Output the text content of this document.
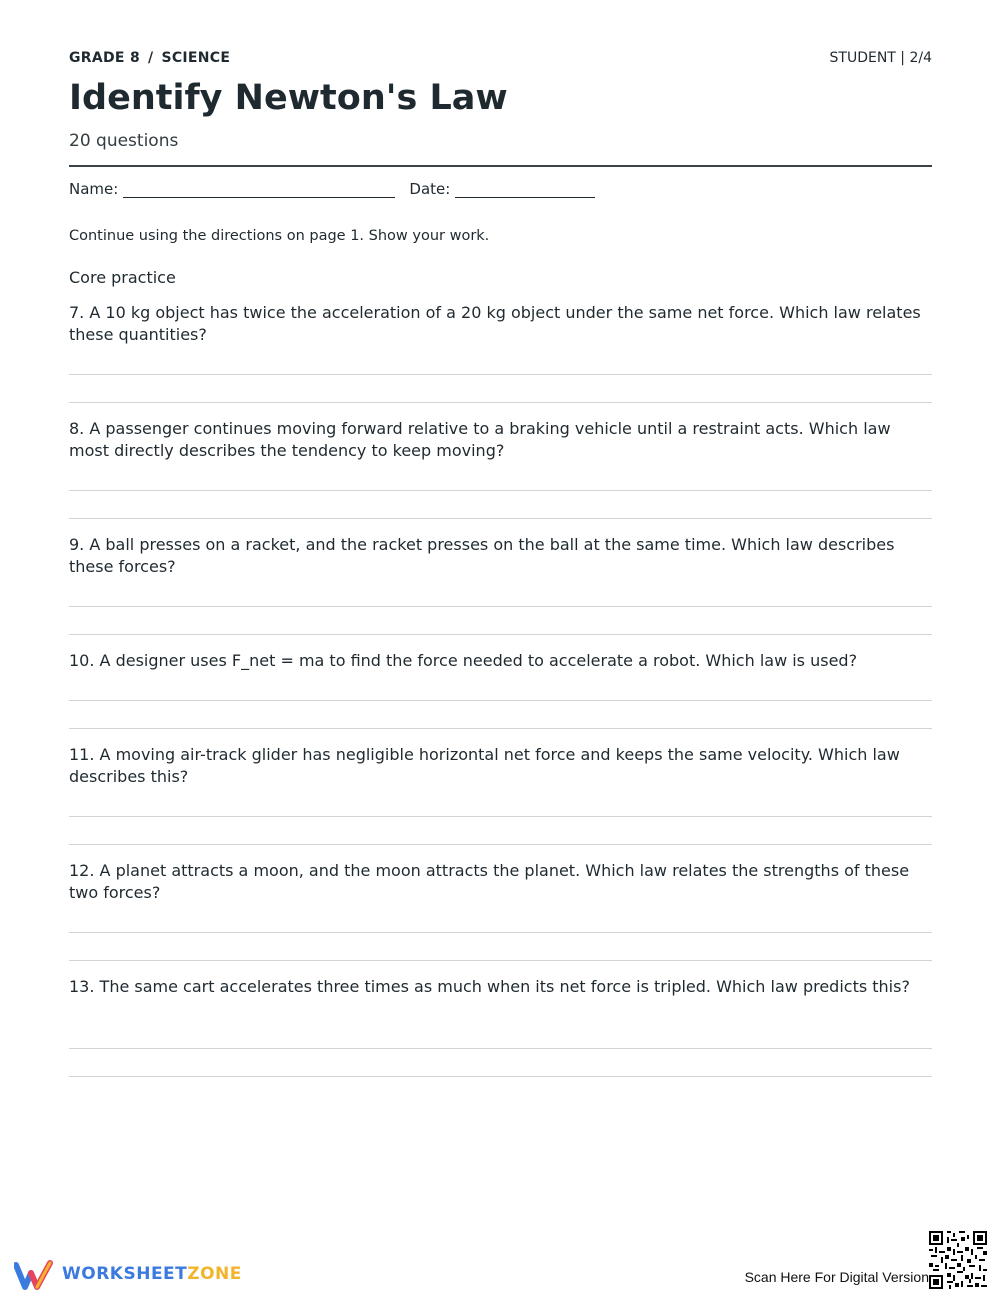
GRADE 8 / SCIENCE	STUDENT | 2/4
Identify Newton's Law
20 questions
Name:	Date:
Continue using the directions on page 1. Show your work.
Core practice
7. A 10 kg object has twice the acceleration of a 20 kg object under the same net force. Which law relates these quantities?
8. A passenger continues moving forward relative to a braking vehicle until a restraint acts. Which law most directly describes the tendency to keep moving?
9. A ball presses on a racket, and the racket presses on the ball at the same time. Which law describes these forces?
10. A designer uses F_net = ma to find the force needed to accelerate a robot. Which law is used?
11. A moving air-track glider has negligible horizontal net force and keeps the same velocity. Which law describes this?
12. A planet attracts a moon, and the moon attracts the planet. Which law relates the strengths of these two forces?
13. The same cart accelerates three times as much when its net force is tripled. Which law predicts this?
WORKSHEETZONE	Scan Here For Digital Version
